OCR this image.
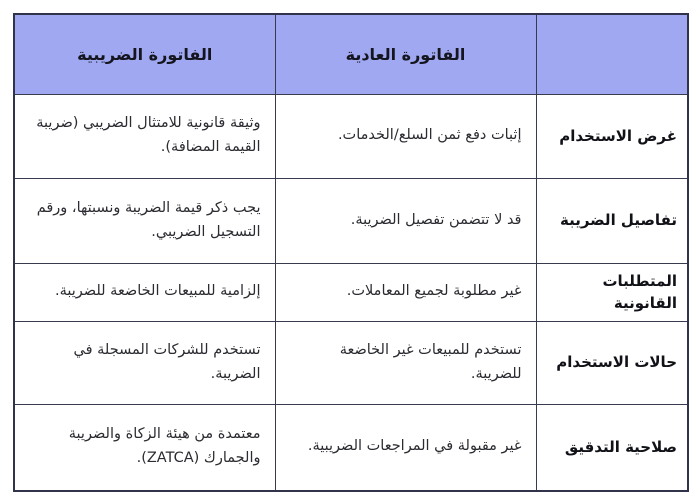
	الفاتورة العادية	الفاتورة الضريبية
غرض الاستخدام	إثبات دفع ثمن السلع/الخدمات.	وثيقة قانونية للامتثال الضريبي (ضريبة القيمة المضافة).
تفاصيل الضريبة	قد لا تتضمن تفصيل الضريبة.	يجب ذكر قيمة الضريبة ونسبتها، ورقم التسجيل الضريبي.
المتطلبات القانونية	غير مطلوبة لجميع المعاملات.	إلزامية للمبيعات الخاضعة للضريبة.
حالات الاستخدام	تستخدم للمبيعات غير الخاضعة للضريبة.	تستخدم للشركات المسجلة في الضريبة.
صلاحية التدقيق	غير مقبولة في المراجعات الضريبية.	معتمدة من هيئة الزكاة والضريبة والجمارك (ZATCA).
